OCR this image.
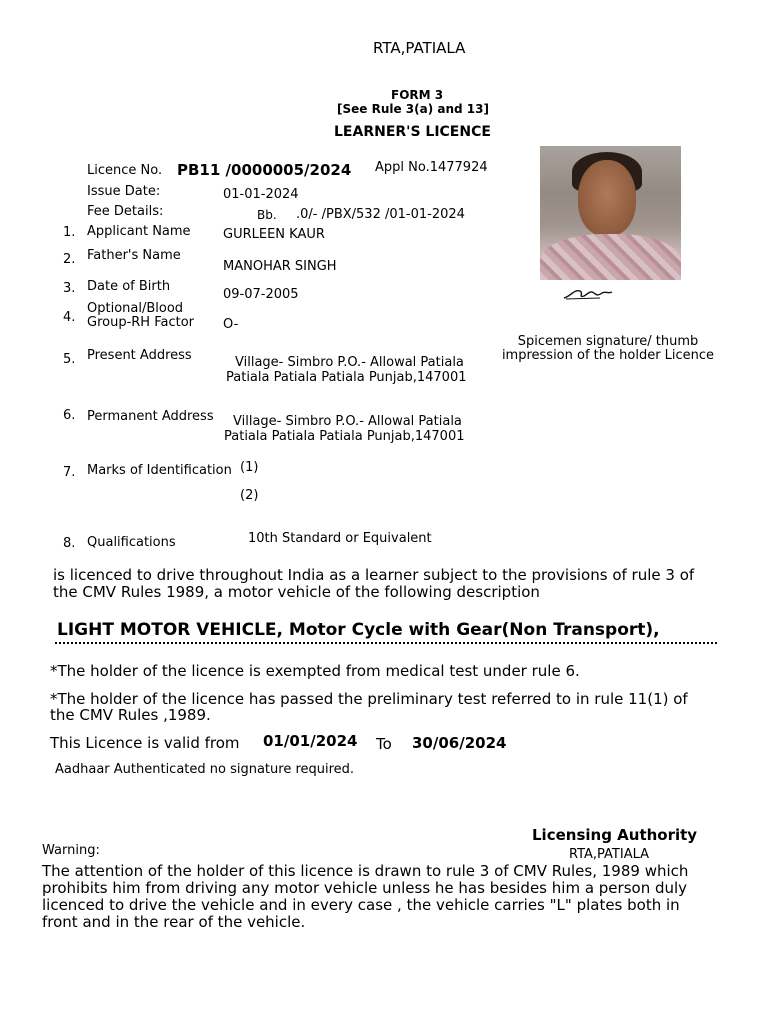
RTA,PATIALA
FORM 3
[See Rule 3(a) and 13]
LEARNER'S LICENCE
Licence No. PB11 /0000005/2024 Appl No.1477924
Issue Date:	01-01-2024
Fee Details:	Bb. .0/- /PBX/532 /01-01-2024
1. Applicant Name GURLEEN KAUR
2. Father's Name
MANOHAR SINGH
3. Date of Birth
09-07-2005
4.
Optional/Blood
Group-RH Factor O-
5. Present Address	Village- Simbro P.O.- Allowal Patiala
Patiala Patiala Patiala Punjab,147001
6. Permanent Address Village- Simbro P.O.- Allowal Patiala
Patiala Patiala Patiala Punjab,147001
7. Marks of Identification (1)
(2)
8. Qualifications	10th Standard or Equivalent
Spicemen signature/ thumb
impression of the holder Licence
is licenced to drive throughout India as a learner subject to the provisions of rule 3 of
the CMV Rules 1989, a motor vehicle of the following description
LIGHT MOTOR VEHICLE, Motor Cycle with Gear(Non Transport),
*The holder of the licence is exempted from medical test under rule 6.
*The holder of the licence has passed the preliminary test referred to in rule 11(1) of
the CMV Rules ,1989.
This Licence is valid from 01/01/2024 To 30/06/2024
Aadhaar Authenticated no signature required.
Licensing Authority
RTA,PATIALA
Warning:
The attention of the holder of this licence is drawn to rule 3 of CMV Rules, 1989 which
prohibits him from driving any motor vehicle unless he has besides him a person duly
licenced to drive the vehicle and in every case , the vehicle carries "L" plates both in
front and in the rear of the vehicle.
